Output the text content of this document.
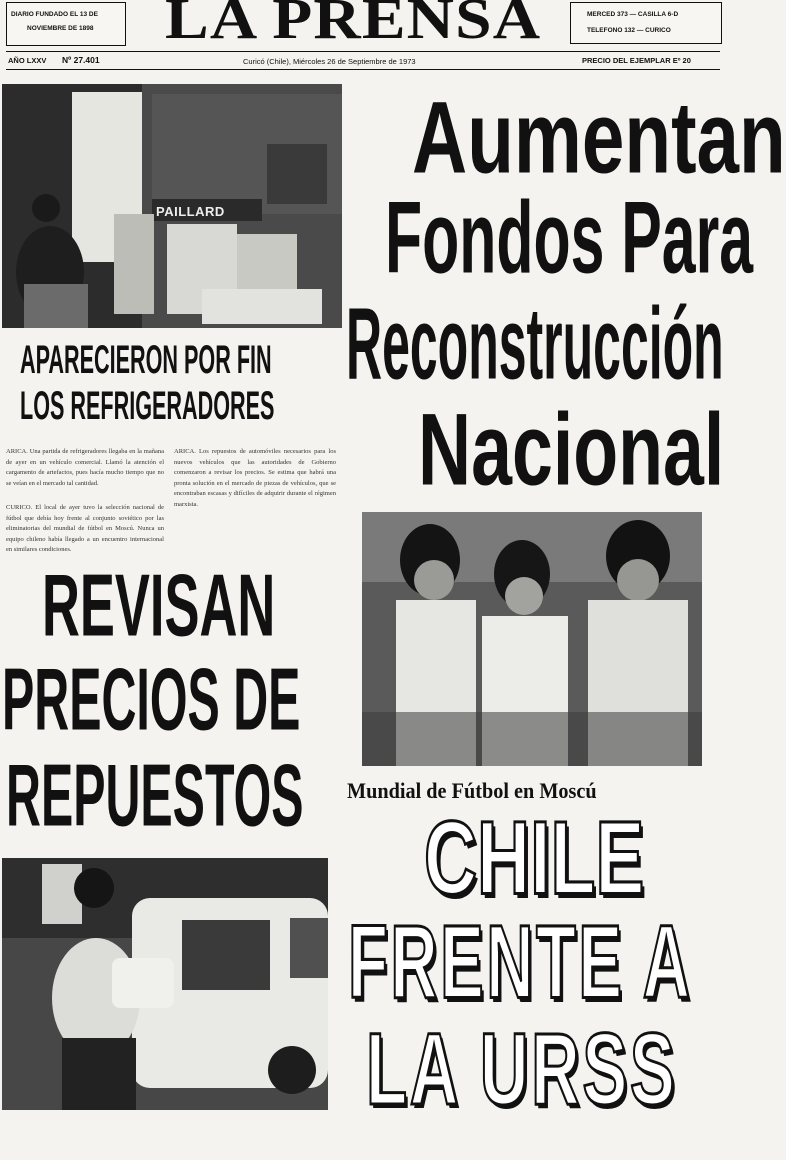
DIARIO FUNDADO EL 13 DE
NOVIEMBRE DE 1898 LA PRENSA	MERCED 373 — CASILLA 6-D
TELEFONO 132 — CURICO
AÑO LXXV Nº 27.401	Curicó (Chile), Miércoles 26 de Septiembre de 1973	PRECIO DEL EJEMPLAR Eº 20
PAILLARD
Aumentan
Fondos Para
Reconstrucción
Nacional
APARECIERON POR FIN
LOS REFRIGERADORES
ARICA. Una partida de refrigeradores llegaba en la mañana de ayer en un vehículo comercial. Llamó la atención el cargamento de artefactos, pues hacía mucho tiempo que no se veían en el mercado tal cantidad.
CURICO. El local de ayer tuvo la selección nacional de fútbol que debía hoy frente al conjunto soviético por las eliminatorias del mundial de fútbol en Moscú. Nunca un equipo chileno había llegado a un encuentro internacional en similares condiciones.
ARICA. Los repuestos de automóviles necesarios para los nuevos vehículos que las autoridades de Gobierno comenzaron a revisar los precios. Se estima que habrá una pronta solución en el mercado de piezas de vehículos, que se encontraban escasas y difíciles de adquirir durante el régimen marxista.
REVISAN
PRECIOS DE
REPUESTOS Mundial de Fútbol en Moscú
CHILE
FRENTE A
LA URSS
